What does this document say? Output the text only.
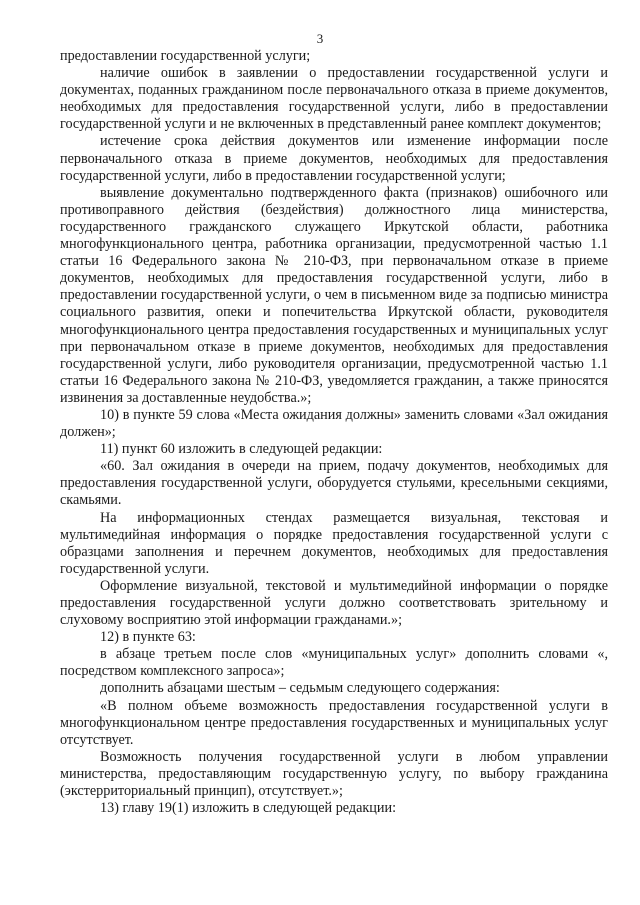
3

предоставлении государственной услуги;

наличие ошибок в заявлении о предоставлении государственной услуги и документах, поданных гражданином после первоначального отказа в приеме документов, необходимых для предоставления государственной услуги, либо в предоставлении государственной услуги и не включенных в представленный ранее комплект документов;

истечение срока действия документов или изменение информации после первоначального отказа в приеме документов, необходимых для предоставления государственной услуги, либо в предоставлении государственной услуги;

выявление документально подтвержденного факта (признаков) ошибочного или противоправного действия (бездействия) должностного лица министерства, государственного гражданского служащего Иркутской области, работника многофункционального центра, работника организации, предусмотренной частью 1.1 статьи 16 Федерального закона № 210-ФЗ, при первоначальном отказе в приеме документов, необходимых для предоставления государственной услуги, либо в предоставлении государственной услуги, о чем в письменном виде за подписью министра социального развития, опеки и попечительства Иркутской области, руководителя многофункционального центра предоставления государственных и муниципальных услуг при первоначальном отказе в приеме документов, необходимых для предоставления государственной услуги, либо руководителя организации, предусмотренной частью 1.1 статьи 16 Федерального закона № 210-ФЗ, уведомляется гражданин, а также приносятся извинения за доставленные неудобства.»;

10) в пункте 59 слова «Места ожидания должны» заменить словами «Зал ожидания должен»;

11) пункт 60 изложить в следующей редакции:

«60. Зал ожидания в очереди на прием, подачу документов, необходимых для предоставления государственной услуги, оборудуется стульями, кресельными секциями, скамьями.

На информационных стендах размещается визуальная, текстовая и мультимедийная информация о порядке предоставления государственной услуги с образцами заполнения и перечнем документов, необходимых для предоставления государственной услуги.

Оформление визуальной, текстовой и мультимедийной информации о порядке предоставления государственной услуги должно соответствовать зрительному и слуховому восприятию этой информации гражданами.»;

12) в пункте 63:

в абзаце третьем после слов «муниципальных услуг» дополнить словами «, посредством комплексного запроса»;

дополнить абзацами шестым – седьмым следующего содержания:

«В полном объеме возможность предоставления государственной услуги в многофункциональном центре предоставления государственных и муниципальных услуг отсутствует.

Возможность получения государственной услуги в любом управлении министерства, предоставляющим государственную услугу, по выбору гражданина (экстерриториальный принцип), отсутствует.»;

13) главу 19(1) изложить в следующей редакции:
